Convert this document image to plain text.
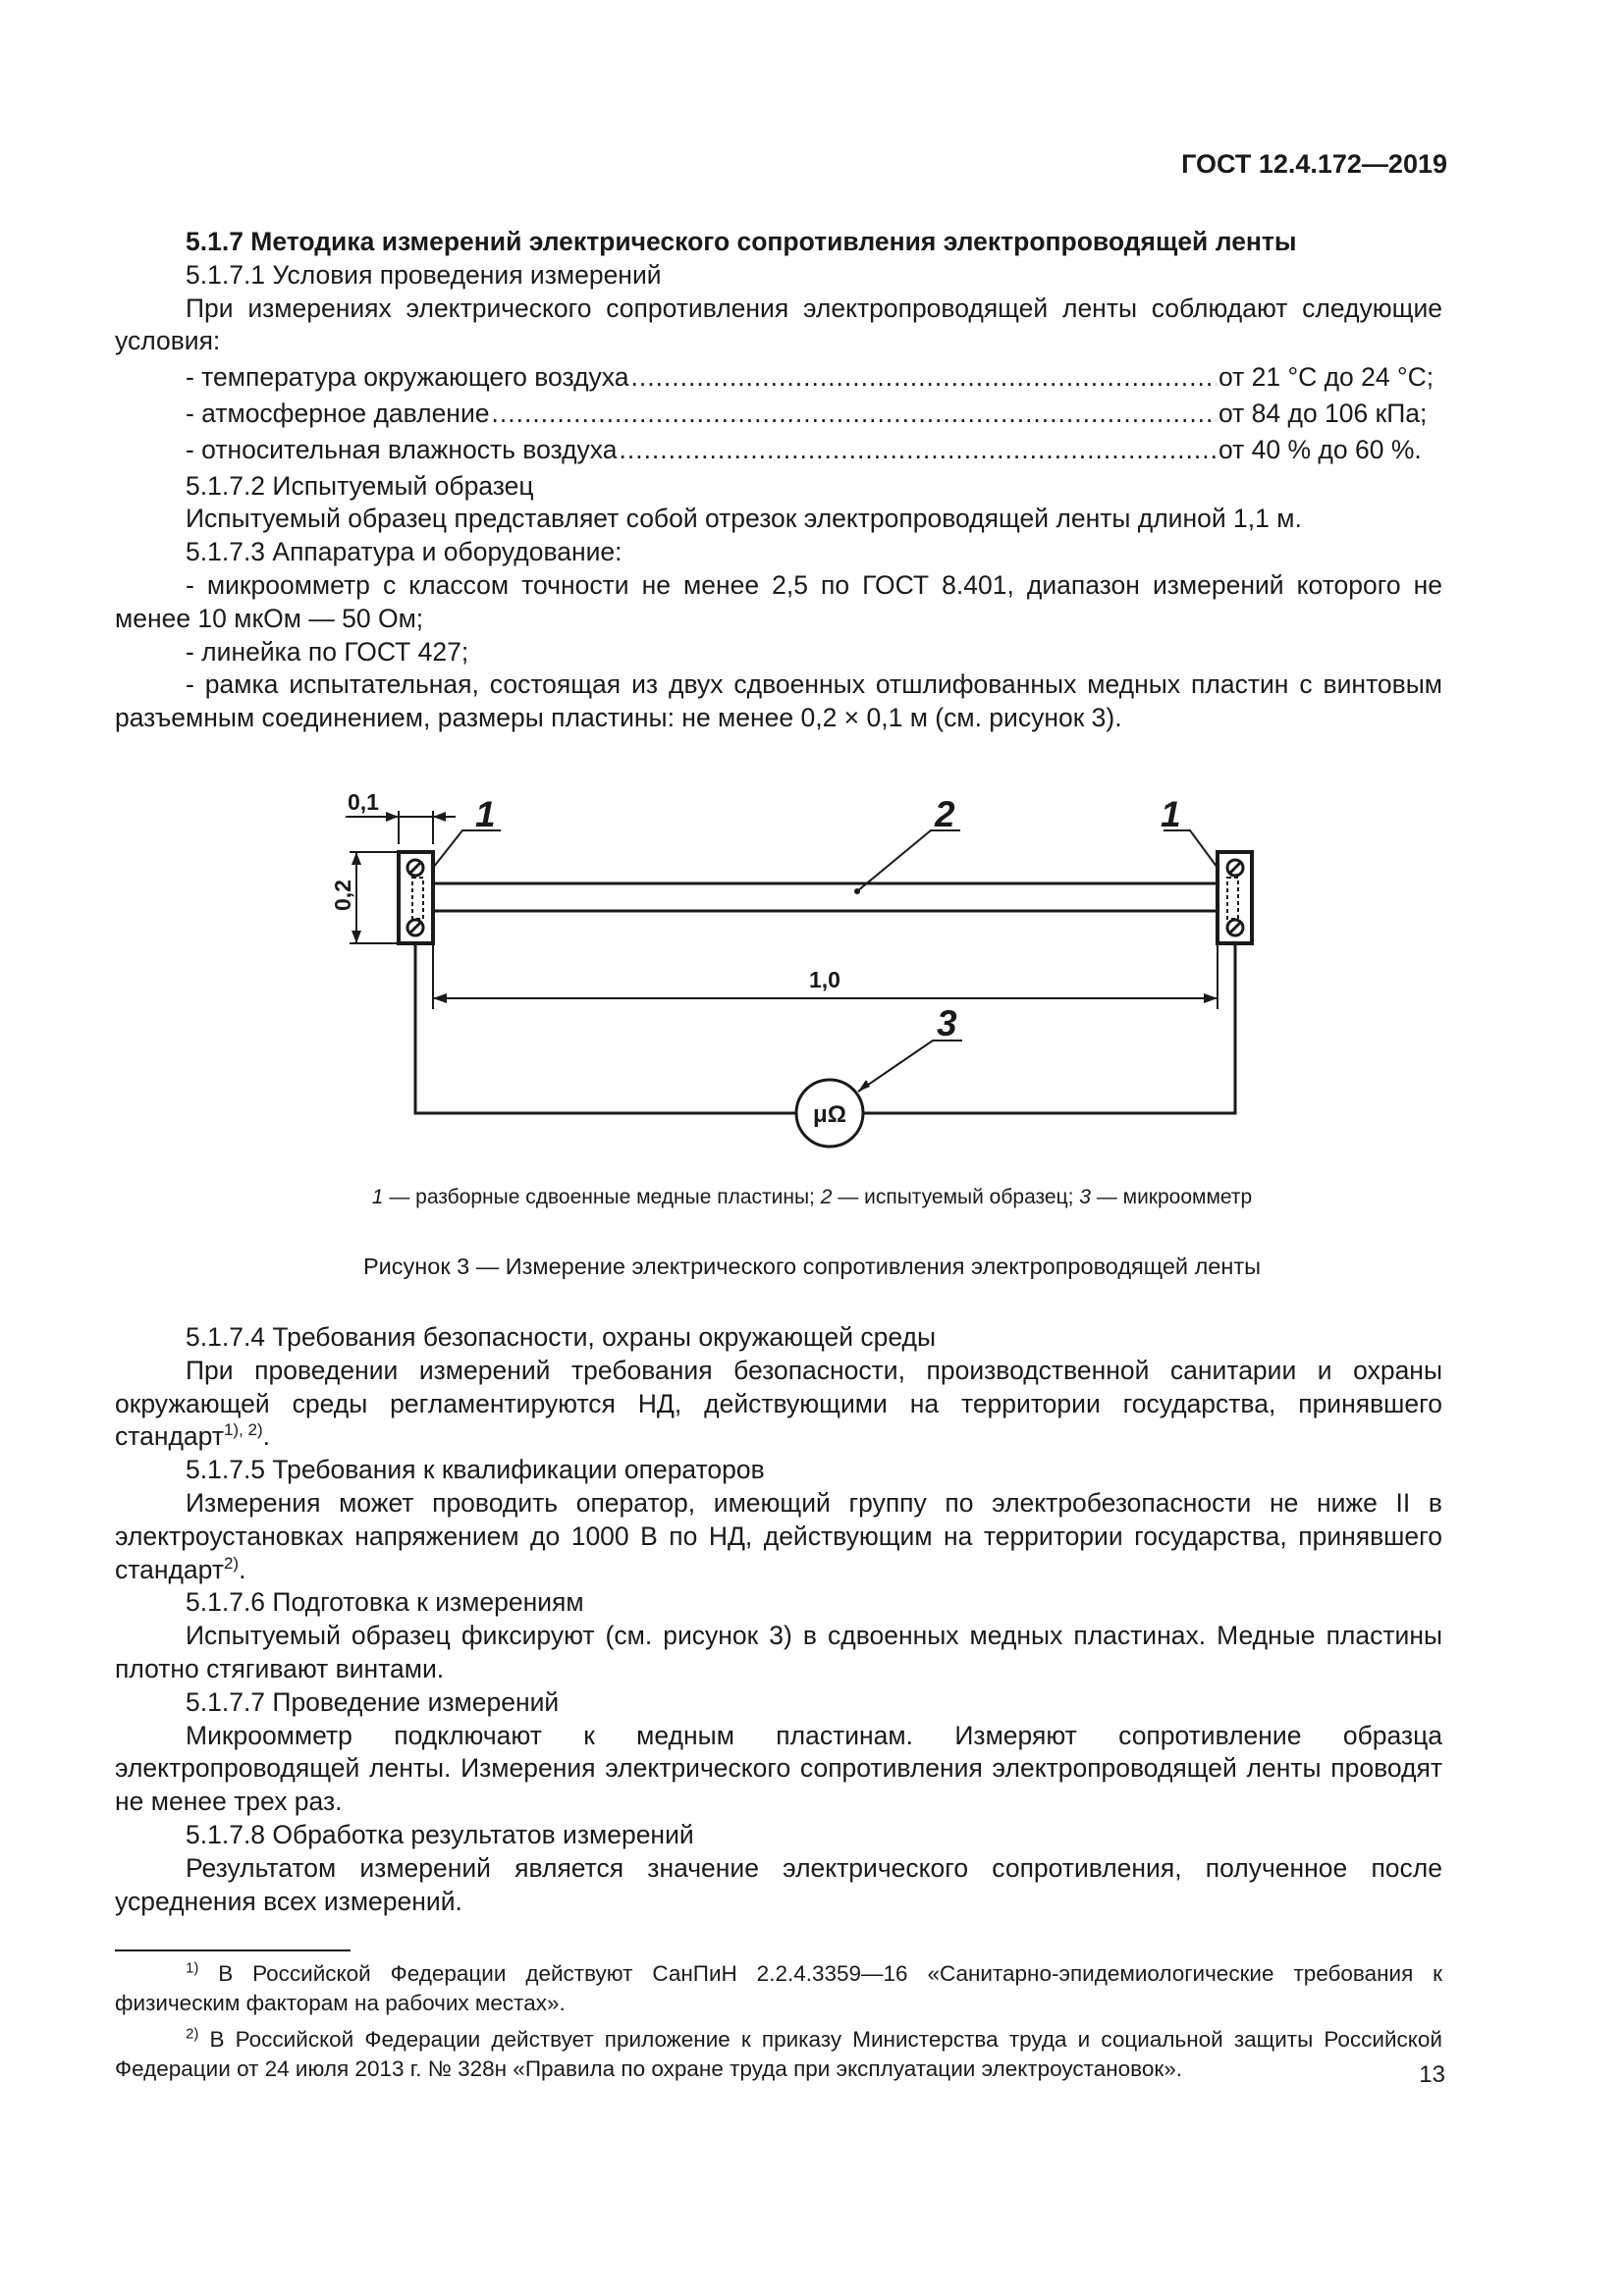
ГОСТ 12.4.172—2019

5.1.7 Методика измерений электрического сопротивления электропроводящей ленты

5.1.7.1 Условия проведения измерений

При измерениях электрического сопротивления электропроводящей ленты соблюдают следующие условия:

- температура окружающего воздуха .....	от 21 °С до 24 °С;

- атмосферное давление .....	от 84 до 106 кПа;

- относительная влажность воздуха .....	от 40 % до 60 %.

5.1.7.2 Испытуемый образец

Испытуемый образец представляет собой отрезок электропроводящей ленты длиной 1,1 м.

5.1.7.3 Аппаратура и оборудование:

- микроомметр с классом точности не менее 2,5 по ГОСТ 8.401, диапазон измерений которого не менее 10 мкОм — 50 Ом;

- линейка по ГОСТ 427;

- рамка испытательная, состоящая из двух сдвоенных отшлифованных медных пластин с винтовым разъемным соединением, размеры пластины: не менее 0,2 × 0,1 м (см. рисунок 3).

0,1
0,2
1,0
μΩ
1	1
2
3
1 — разборные сдвоенные медные пластины; 2 — испытуемый образец; 3 — микроомметр
Рисунок 3 — Измерение электрического сопротивления электропроводящей ленты

5.1.7.4 Требования безопасности, охраны окружающей среды

При проведении измерений требования безопасности, производственной санитарии и охраны окружающей среды регламентируются НД, действующими на территории государства, принявшего стандарт$^{1), 2)}$.

5.1.7.5 Требования к квалификации операторов

Измерения может проводить оператор, имеющий группу по электробезопасности не ниже II в электроустановках напряжением до 1000 В по НД, действующим на территории государства, принявшего стандарт$^{2)}$.

5.1.7.6 Подготовка к измерениям

Испытуемый образец фиксируют (см. рисунок 3) в сдвоенных медных пластинах. Медные пластины плотно стягивают винтами.

5.1.7.7 Проведение измерений

Микроомметр подключают к медным пластинам. Измеряют сопротивление образца электропроводящей ленты. Измерения электрического сопротивления электропроводящей ленты проводят не менее трех раз.

5.1.7.8 Обработка результатов измерений

Результатом измерений является значение электрического сопротивления, полученное после усреднения всех измерений.

$^{1)}$ В Российской Федерации действуют СанПиН 2.2.4.3359—16 «Санитарно-эпидемиологические требования к физическим факторам на рабочих местах».

$^{2)}$ В Российской Федерации действует приложение к приказу Министерства труда и социальной защиты Российской Федерации от 24 июля 2013 г. № 328н «Правила по охране труда при эксплуатации электроустановок».	13
